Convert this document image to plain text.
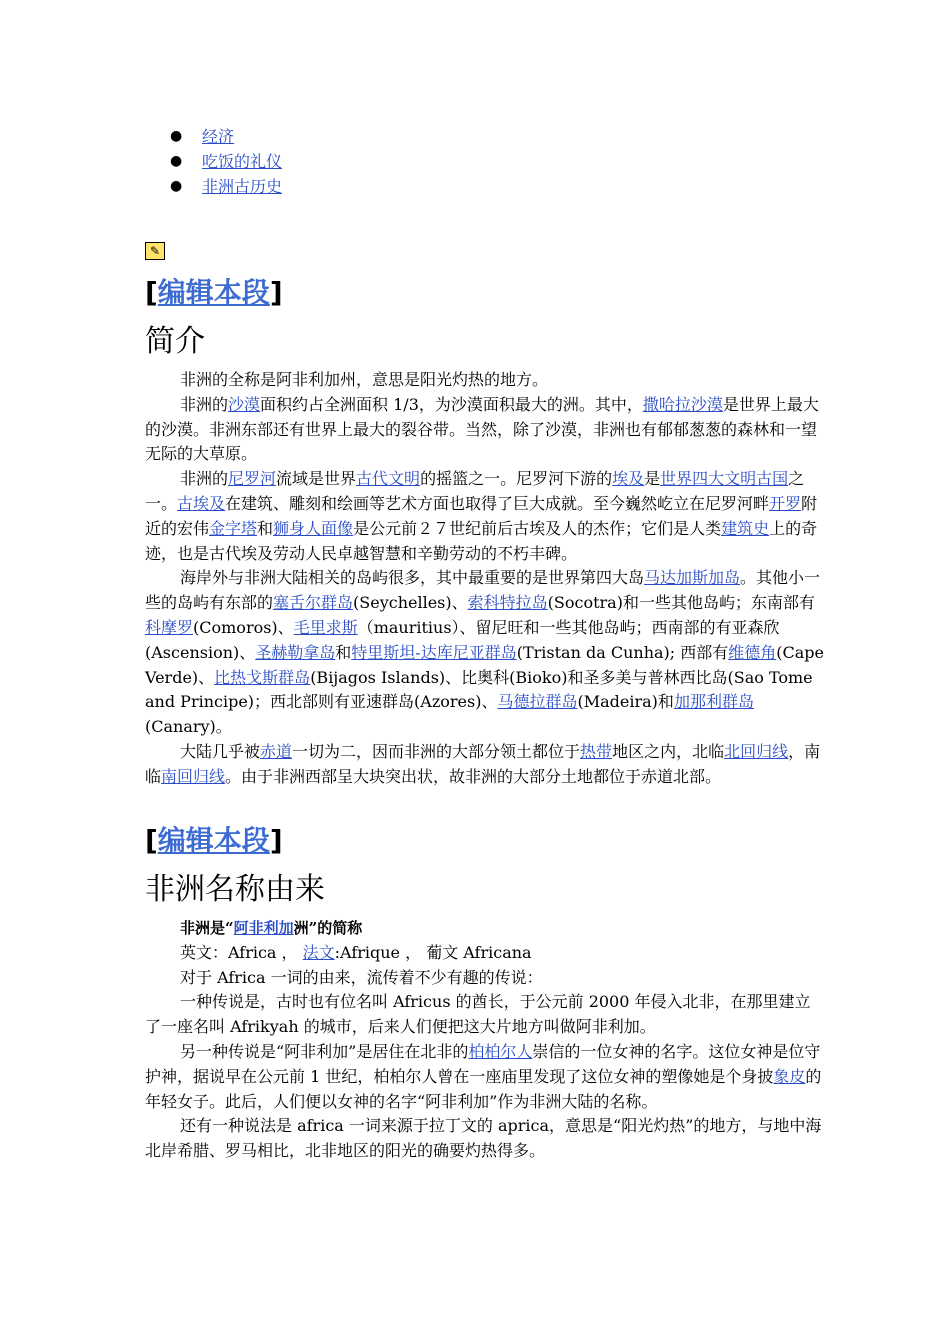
● 经济
● 吃饭的礼仪
● 非洲古历史
✎
[编辑本段]
简介

非洲的全称是阿非利加州，意思是阳光灼热的地方。

非洲的沙漠面积约占全洲面积 1/3，为沙漠面积最大的洲。其中，撒哈拉沙漠是世界上最大的沙漠。非洲东部还有世界上最大的裂谷带。当然，除了沙漠，非洲也有郁郁葱葱的森林和一望无际的大草原。

非洲的尼罗河流域是世界古代文明的摇篮之一。尼罗河下游的埃及是世界四大文明古国之一。古埃及在建筑、雕刻和绘画等艺术方面也取得了巨大成就。至今巍然屹立在尼罗河畔开罗附近的宏伟金字塔和狮身人面像是公元前２７世纪前后古埃及人的杰作；它们是人类建筑史上的奇迹，也是古代埃及劳动人民卓越智慧和辛勤劳动的不朽丰碑。

海岸外与非洲大陆相关的岛屿很多，其中最重要的是世界第四大岛马达加斯加岛。其他小一些的岛屿有东部的塞舌尔群岛(Seychelles)、索科特拉岛(Socotra)和一些其他岛屿；东南部有科摩罗(Comoros)、毛里求斯（mauritius）、留尼旺和一些其他岛屿；西南部的有亚森欣(Ascension)、圣赫勒拿岛和特里斯坦-达库尼亚群岛(Tristan da Cunha); 西部有维德角(Cape Verde)、比热戈斯群岛(Bijagos Islands)、比奥科(Bioko)和圣多美与普林西比岛(Sao Tome and Principe)；西北部则有亚速群岛(Azores)、马德拉群岛(Madeira)和加那利群岛(Canary)。

大陆几乎被赤道一切为二，因而非洲的大部分领土都位于热带地区之内，北临北回归线，南临南回归线。由于非洲西部呈大块突出状，故非洲的大部分土地都位于赤道北部。

[编辑本段]
非洲名称由来

非洲是“阿非利加洲”的简称

英文：Africa ， 法文:Afrique ， 葡文 Africana

对于 Africa 一词的由来，流传着不少有趣的传说：

一种传说是，古时也有位名叫 Africus 的酋长，于公元前 2000 年侵入北非，在那里建立了一座名叫 Afrikyah 的城市，后来人们便把这大片地方叫做阿非利加。

另一种传说是“阿非利加”是居住在北非的柏柏尔人崇信的一位女神的名字。这位女神是位守护神，据说早在公元前 1 世纪，柏柏尔人曾在一座庙里发现了这位女神的塑像她是个身披象皮的年轻女子。此后，人们便以女神的名字“阿非利加”作为非洲大陆的名称。

还有一种说法是 africa 一词来源于拉丁文的 aprica，意思是“阳光灼热”的地方，与地中海北岸希腊、罗马相比，北非地区的阳光的确要灼热得多。
